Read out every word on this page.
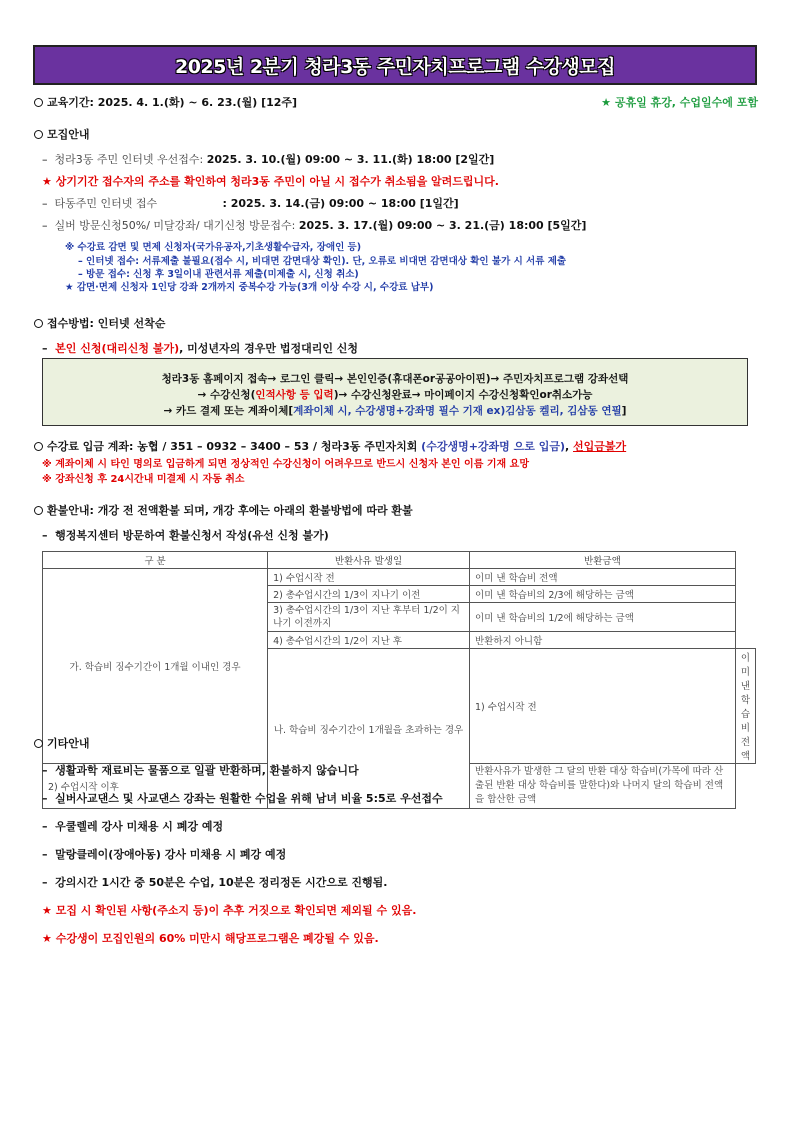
2025년 2분기 청라3동 주민자치프로그램 수강생모집
교육기간: 2025. 4. 1.(화) ~ 6. 23.(월) [12주]	★ 공휴일 휴강, 수업일수에 포함
모집안내
–  청라3동 주민 인터넷 우선접수: 2025. 3. 10.(월) 09:00 ~ 3. 11.(화) 18:00 [2일간]
★ 상기기간 접수자의 주소를 확인하여 청라3동 주민이 아닐 시 접수가 취소됨을 알려드립니다.
–  타동주민 인터넷 접수	: 2025. 3. 14.(금) 09:00 ~ 18:00 [1일간]
–  실버 방문신청50%/ 미달강좌/ 대기신청 방문접수: 2025. 3. 17.(월) 09:00 ~ 3. 21.(금) 18:00 [5일간]
※ 수강료 감면 및 면제 신청자(국가유공자,기초생활수급자, 장애인 등)
– 인터넷 접수: 서류제출 불필요(접수 시, 비대면 감면대상 확인). 단, 오류로 비대면 감면대상 확인 불가 시 서류 제출
– 방문 접수: 신청 후 3일이내 관련서류 제출(미제출 시, 신청 취소)
★ 감면·면제 신청자 1인당 강좌 2개까지 중복수강 가능(3개 이상 수강 시, 수강료 납부)
접수방법: 인터넷 선착순
–  본인 신청(대리신청 불가), 미성년자의 경우만 법정대리인 신청
청라3동 홈페이지 접속→ 로그인 클릭→ 본인인증(휴대폰or공공아이핀)→ 주민자치프로그램 강좌선택
→ 수강신청(인적사항 등 입력)→ 수강신청완료→ 마이페이지 수강신청확인or취소가능
→ 카드 결제 또는 계좌이체[계좌이체 시, 수강생명+강좌명 필수 기재 ex)김삼동 켈리, 김삼동 연필]
수강료 입금 계좌: 농협 / 351 – 0932 – 3400 – 53 / 청라3동 주민자치회 (수강생명+강좌명 으로 입금), 선입금불가
※ 계좌이체 시 타인 명의로 입금하게 되면 정상적인 수강신청이 어려우므로 반드시 신청자 본인 이름 기재 요망
※ 강좌신청 후 24시간내 미결제 시 자동 취소
환불안내: 개강 전 전액환불 되며, 개강 후에는 아래의 환불방법에 따라 환불
–  행정복지센터 방문하여 환불신청서 작성(유선 신청 불가)
구 분	반환사유 발생일	반환금액	
가. 학습비 징수기간이 1개월 이내인 경우	1) 수업시작 전	이미 낸 학습비 전액	
	2) 총수업시간의 1/3이 지나기 이전	이미 낸 학습비의 2/3에 해당하는 금액	
	3) 총수업시간의 1/3이 지난 후부터 1/2이 지나기 이전까지	이미 낸 학습비의 1/2에 해당하는 금액	
	4) 총수업시간의 1/2이 지난 후	반환하지 아니함	
	나. 학습비 징수기간이 1개월을 초과하는 경우	1) 수업시작 전	이미 낸 학습비 전액
2) 수업시작 이후		반환사유가 발생한 그 달의 반환 대상 학습비(가목에 따라 산출된 반환 대상 학습비를 말한다)와 나머지 달의 학습비 전액을 합산한 금액	
기타안내
–  생활과학 재료비는 물품으로 일괄 반환하며, 환불하지 않습니다
–  실버사교댄스 및 사교댄스 강좌는 원활한 수업을 위해 남녀 비율 5:5로 우선접수
–  우쿨렐레 강사 미채용 시 폐강 예정
–  말랑클레이(장애아동) 강사 미채용 시 폐강 예정
–  강의시간 1시간 중 50분은 수업, 10분은 정리정돈 시간으로 진행됨.
★ 모집 시 확인된 사항(주소지 등)이 추후 거짓으로 확인되면 제외될 수 있음.
★ 수강생이 모집인원의 60% 미만시 해당프로그램은 폐강될 수 있음.
